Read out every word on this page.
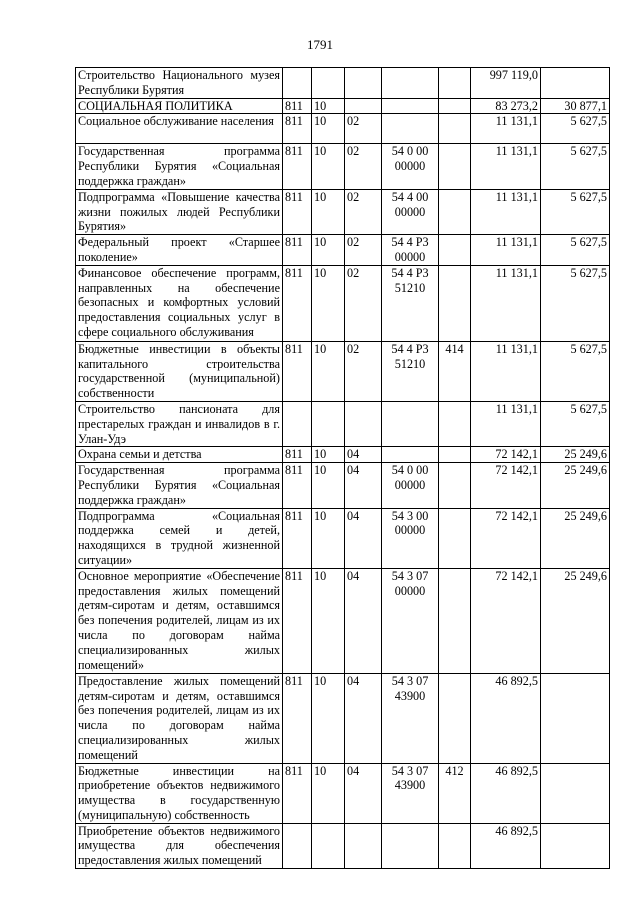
1791
Строительство Национального музея Республики Бурятия						997 119,0	
СОЦИАЛЬНАЯ ПОЛИТИКА	811	10				83 273,2	30 877,1
Социальное обслуживание населения	811	10	02			11 131,1	5 627,5
Государственная программа Республики Бурятия «Социальная поддержка граждан»	811	10	02	54 0 00 00000		11 131,1	5 627,5
Подпрограмма «Повышение качества жизни пожилых людей Республики Бурятия»	811	10	02	54 4 00 00000		11 131,1	5 627,5
Федеральный проект «Старшее поколение»	811	10	02	54 4 P3 00000		11 131,1	5 627,5
Финансовое обеспечение программ, направленных на обеспечение безопасных и комфортных условий предоставления социальных услуг в сфере социального обслуживания	811	10	02	54 4 P3 51210		11 131,1	5 627,5
Бюджетные инвестиции в объекты капитального строительства государственной (муниципальной) собственности	811	10	02	54 4 P3 51210	414	11 131,1	5 627,5
Строительство пансионата для престарелых граждан и инвалидов в г. Улан-Удэ						11 131,1	5 627,5
Охрана семьи и детства	811	10	04			72 142,1	25 249,6
Государственная программа Республики Бурятия «Социальная поддержка граждан»	811	10	04	54 0 00 00000		72 142,1	25 249,6
Подпрограмма «Социальная поддержка семей и детей, находящихся в трудной жизненной ситуации»	811	10	04	54 3 00 00000		72 142,1	25 249,6
Основное мероприятие «Обеспечение предоставления жилых помещений детям-сиротам и детям, оставшимся без попечения родителей, лицам из их числа по договорам найма специализированных жилых помещений»	811	10	04	54 3 07 00000		72 142,1	25 249,6
Предоставление жилых помещений детям-сиротам и детям, оставшимся без попечения родителей, лицам из их числа по договорам найма специализированных жилых помещений	811	10	04	54 3 07 43900		46 892,5	
Бюджетные инвестиции на приобретение объектов недвижимого имущества в государственную (муниципальную) собственность	811	10	04	54 3 07 43900	412	46 892,5	
Приобретение объектов недвижимого имущества для обеспечения предоставления жилых помещений						46 892,5	
